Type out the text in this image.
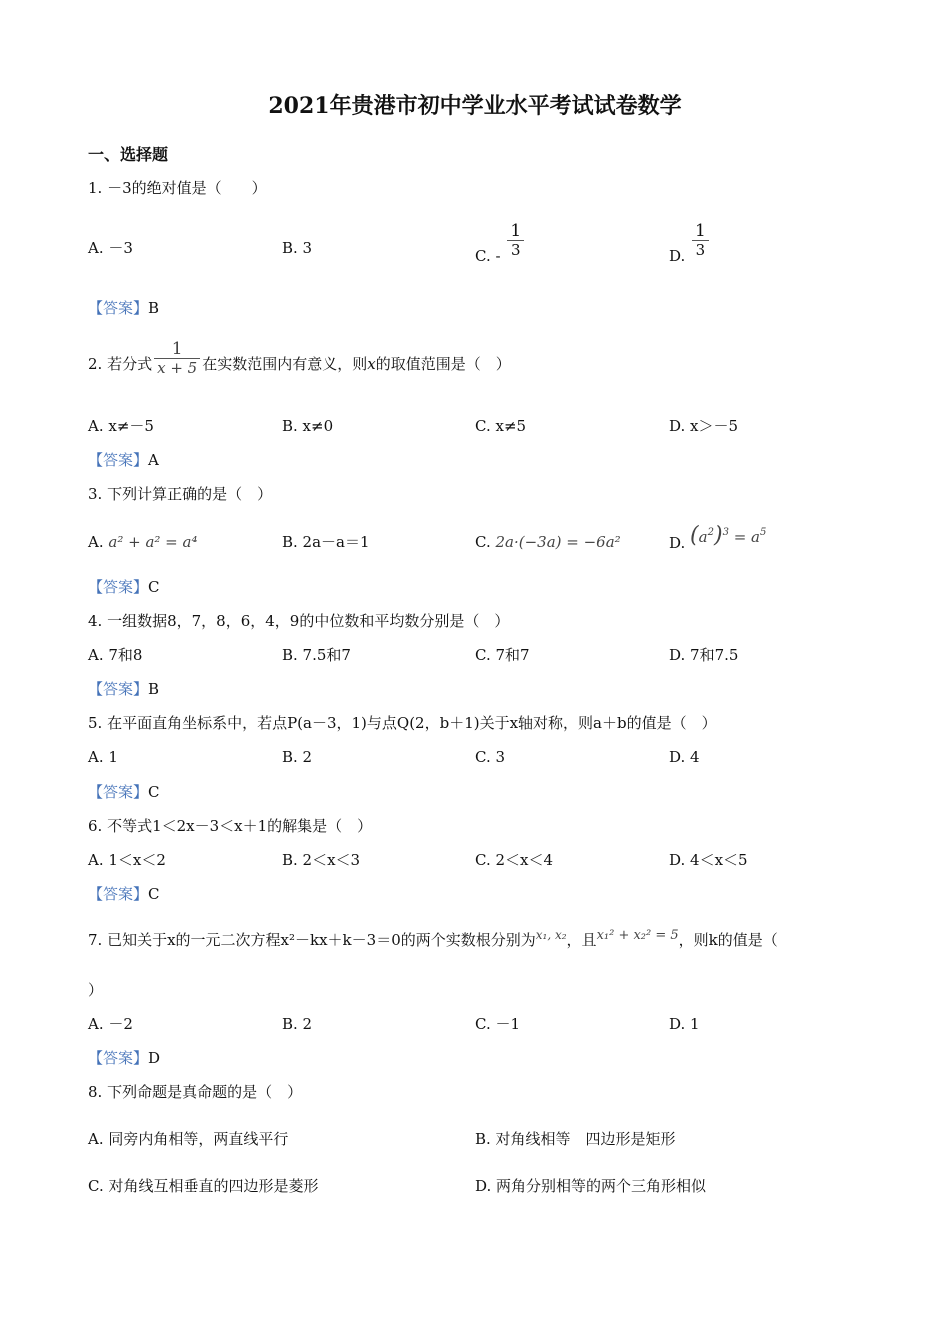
2021年贵港市初中学业水平考试试卷数学
一、选择题
1. －3的绝对值是（　　）
A. －3	B. 3	C. - $\frac{1}{3}$	D. $\frac{1}{3}$
【答案】B
2. 若分式 $\frac{1}{x + 5}$ 在实数范围内有意义，则x的取值范围是（　）
A. x≠－5	B. x≠0	C. x≠5	D. x＞－5
【答案】A
3. 下列计算正确的是（　）
A. a² + a² = a⁴	B. 2a－a＝1	C. 2a·(−3a) = −6a²	D. $(a^2)^3 = a^5$
【答案】C
4. 一组数据8，7，8，6，4，9的中位数和平均数分别是（　）
A. 7和8	B. 7.5和7	C. 7和7	D. 7和7.5
【答案】B
5. 在平面直角坐标系中，若点P(a－3，1)与点Q(2，b＋1)关于x轴对称，则a＋b的值是（　）
A. 1	B. 2	C. 3	D. 4
【答案】C
6. 不等式1＜2x－3＜x＋1的解集是（　）
A. 1＜x＜2	B. 2＜x＜3	C. 2＜x＜4	D. 4＜x＜5
【答案】C
7. 已知关于x的一元二次方程x²－kx＋k－3＝0的两个实数根分别为$^{x_1, x_2}$，且x₁² + x₂² = 5，则k的值是（
）
A. －2	B. 2	C. －1	D. 1
【答案】D
8. 下列命题是真命题的是（　）
A. 同旁内角相等，两直线平行	B. 对角线相等　四边形是矩形
C. 对角线互相垂直的四边形是菱形	D. 两角分别相等的两个三角形相似
